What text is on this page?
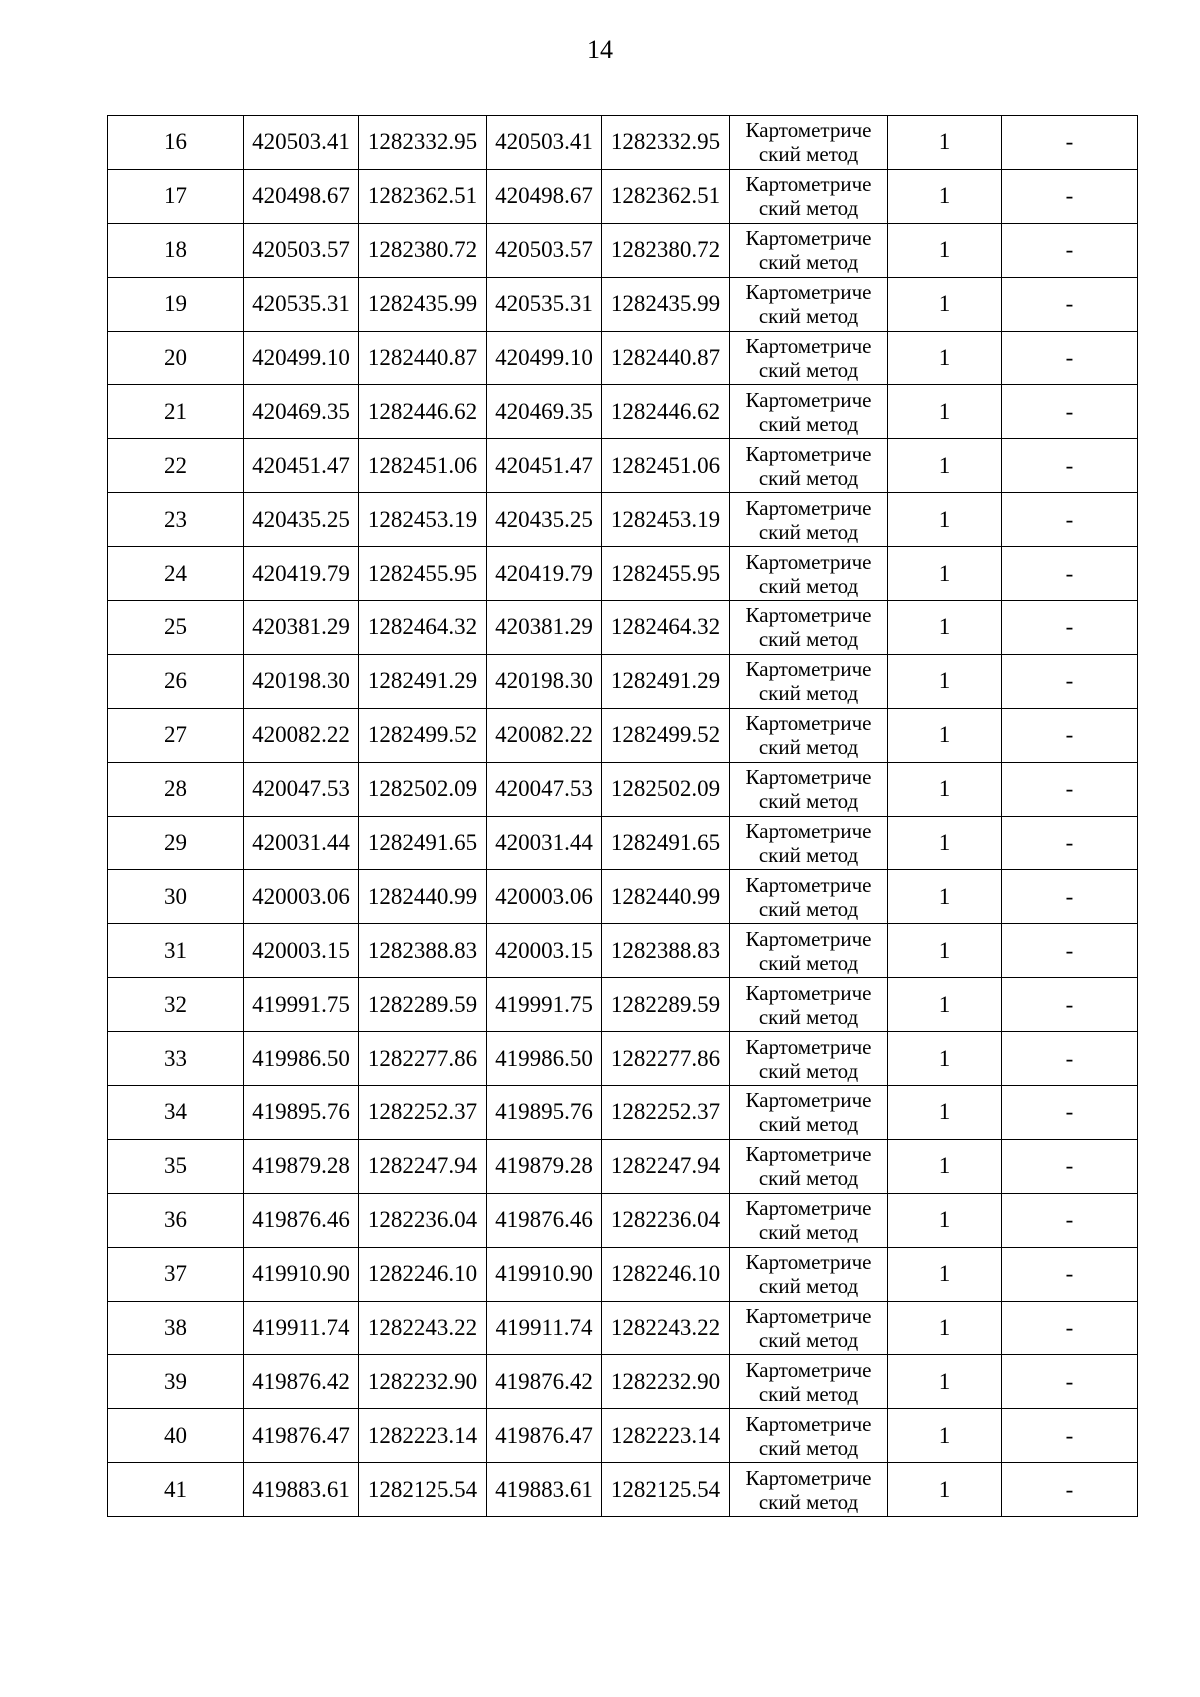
14
16	420503.41	1282332.95	420503.41	1282332.95	Картометриче
ский метод	1	-
17	420498.67	1282362.51	420498.67	1282362.51	Картометриче
ский метод	1	-
18	420503.57	1282380.72	420503.57	1282380.72	Картометриче
ский метод	1	-
19	420535.31	1282435.99	420535.31	1282435.99	Картометриче
ский метод	1	-
20	420499.10	1282440.87	420499.10	1282440.87	Картометриче
ский метод	1	-
21	420469.35	1282446.62	420469.35	1282446.62	Картометриче
ский метод	1	-
22	420451.47	1282451.06	420451.47	1282451.06	Картометриче
ский метод	1	-
23	420435.25	1282453.19	420435.25	1282453.19	Картометриче
ский метод	1	-
24	420419.79	1282455.95	420419.79	1282455.95	Картометриче
ский метод	1	-
25	420381.29	1282464.32	420381.29	1282464.32	Картометриче
ский метод	1	-
26	420198.30	1282491.29	420198.30	1282491.29	Картометриче
ский метод	1	-
27	420082.22	1282499.52	420082.22	1282499.52	Картометриче
ский метод	1	-
28	420047.53	1282502.09	420047.53	1282502.09	Картометриче
ский метод	1	-
29	420031.44	1282491.65	420031.44	1282491.65	Картометриче
ский метод	1	-
30	420003.06	1282440.99	420003.06	1282440.99	Картометриче
ский метод	1	-
31	420003.15	1282388.83	420003.15	1282388.83	Картометриче
ский метод	1	-
32	419991.75	1282289.59	419991.75	1282289.59	Картометриче
ский метод	1	-
33	419986.50	1282277.86	419986.50	1282277.86	Картометриче
ский метод	1	-
34	419895.76	1282252.37	419895.76	1282252.37	Картометриче
ский метод	1	-
35	419879.28	1282247.94	419879.28	1282247.94	Картометриче
ский метод	1	-
36	419876.46	1282236.04	419876.46	1282236.04	Картометриче
ский метод	1	-
37	419910.90	1282246.10	419910.90	1282246.10	Картометриче
ский метод	1	-
38	419911.74	1282243.22	419911.74	1282243.22	Картометриче
ский метод	1	-
39	419876.42	1282232.90	419876.42	1282232.90	Картометриче
ский метод	1	-
40	419876.47	1282223.14	419876.47	1282223.14	Картометриче
ский метод	1	-
41	419883.61	1282125.54	419883.61	1282125.54	Картометриче
ский метод	1	-
